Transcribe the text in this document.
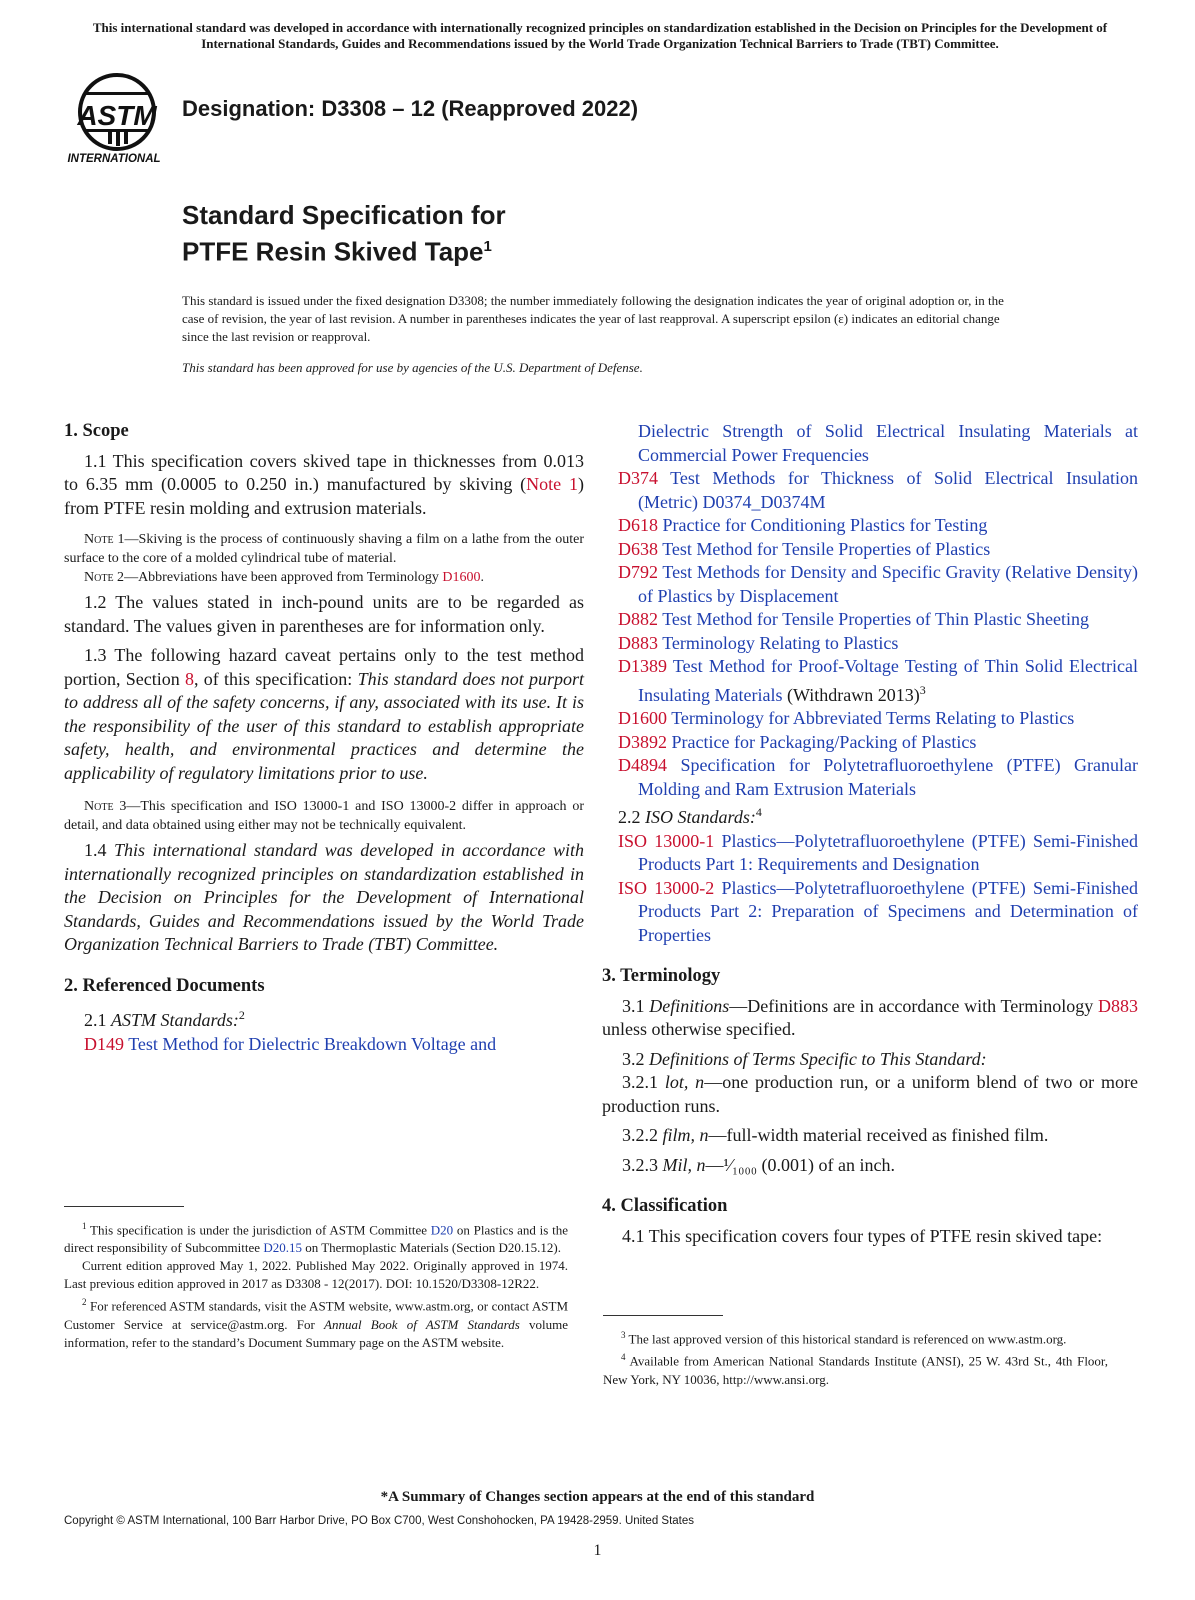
This international standard was developed in accordance with internationally recognized principles on standardization established in the Decision on Principles for the Development of International Standards, Guides and Recommendations issued by the World Trade Organization Technical Barriers to Trade (TBT) Committee.
ASTM
INTERNATIONAL
Designation: D3308 – 12 (Reapproved 2022)
Standard Specification for
PTFE Resin Skived Tape$^1$
This standard is issued under the fixed designation D3308; the number immediately following the designation indicates the year of original adoption or, in the case of revision, the year of last revision. A number in parentheses indicates the year of last reapproval. A superscript epsilon (ε) indicates an editorial change since the last revision or reapproval.
This standard has been approved for use by agencies of the U.S. Department of Defense.

1. Scope

1.1 This specification covers skived tape in thicknesses from 0.013 to 6.35 mm (0.0005 to 0.250 in.) manufactured by skiving (Note 1) from PTFE resin molding and extrusion materials.

Note 1—Skiving is the process of continuously shaving a film on a lathe from the outer surface to the core of a molded cylindrical tube of material.

Note 2—Abbreviations have been approved from Terminology D1600.

1.2 The values stated in inch-pound units are to be regarded as standard. The values given in parentheses are for information only.

1.3 The following hazard caveat pertains only to the test method portion, Section 8, of this specification: This standard does not purport to address all of the safety concerns, if any, associated with its use. It is the responsibility of the user of this standard to establish appropriate safety, health, and environmental practices and determine the applicability of regulatory limitations prior to use.

Note 3—This specification and ISO 13000-1 and ISO 13000-2 differ in approach or detail, and data obtained using either may not be technically equivalent.

1.4 This international standard was developed in accordance with internationally recognized principles on standardization established in the Decision on Principles for the Development of International Standards, Guides and Recommendations issued by the World Trade Organization Technical Barriers to Trade (TBT) Committee.

2. Referenced Documents

2.1 ASTM Standards:$^2$

D149 Test Method for Dielectric Breakdown Voltage and

Dielectric Strength of Solid Electrical Insulating Materials at Commercial Power Frequencies

D374 Test Methods for Thickness of Solid Electrical Insulation (Metric) D0374_D0374M

D618 Practice for Conditioning Plastics for Testing

D638 Test Method for Tensile Properties of Plastics

D792 Test Methods for Density and Specific Gravity (Relative Density) of Plastics by Displacement

D882 Test Method for Tensile Properties of Thin Plastic Sheeting

D883 Terminology Relating to Plastics

D1389 Test Method for Proof-Voltage Testing of Thin Solid Electrical Insulating Materials (Withdrawn 2013)$^3$

D1600 Terminology for Abbreviated Terms Relating to Plastics

D3892 Practice for Packaging/Packing of Plastics

D4894 Specification for Polytetrafluoroethylene (PTFE) Granular Molding and Ram Extrusion Materials

2.2 ISO Standards:$^4$

ISO 13000-1 Plastics—Polytetrafluoroethylene (PTFE) Semi-Finished Products Part 1: Requirements and Designation

ISO 13000-2 Plastics—Polytetrafluoroethylene (PTFE) Semi-Finished Products Part 2: Preparation of Specimens and Determination of Properties

3. Terminology

3.1 Definitions—Definitions are in accordance with Terminology D883 unless otherwise specified.

3.2 Definitions of Terms Specific to This Standard:

3.2.1 lot, n—one production run, or a uniform blend of two or more production runs.

3.2.2 film, n—full-width material received as finished film.

3.2.3 Mil, n—¹⁄₁₀₀₀ (0.001) of an inch.

4. Classification

4.1 This specification covers four types of PTFE resin skived tape:

$^1$ This specification is under the jurisdiction of ASTM Committee D20 on Plastics and is the direct responsibility of Subcommittee D20.15 on Thermoplastic Materials (Section D20.15.12).
Current edition approved May 1, 2022. Published May 2022. Originally approved in 1974. Last previous edition approved in 2017 as D3308 - 12(2017). DOI: 10.1520/D3308-12R22.
$^2$ For referenced ASTM standards, visit the ASTM website, www.astm.org, or contact ASTM Customer Service at service@astm.org. For Annual Book of ASTM Standards volume information, refer to the standard’s Document Summary page on the ASTM website.	$^3$ The last approved version of this historical standard is referenced on www.astm.org.
$^4$ Available from American National Standards Institute (ANSI), 25 W. 43rd St., 4th Floor, New York, NY 10036, http://www.ansi.org.
*A Summary of Changes section appears at the end of this standard
Copyright © ASTM International, 100 Barr Harbor Drive, PO Box C700, West Conshohocken, PA 19428-2959. United States
1
